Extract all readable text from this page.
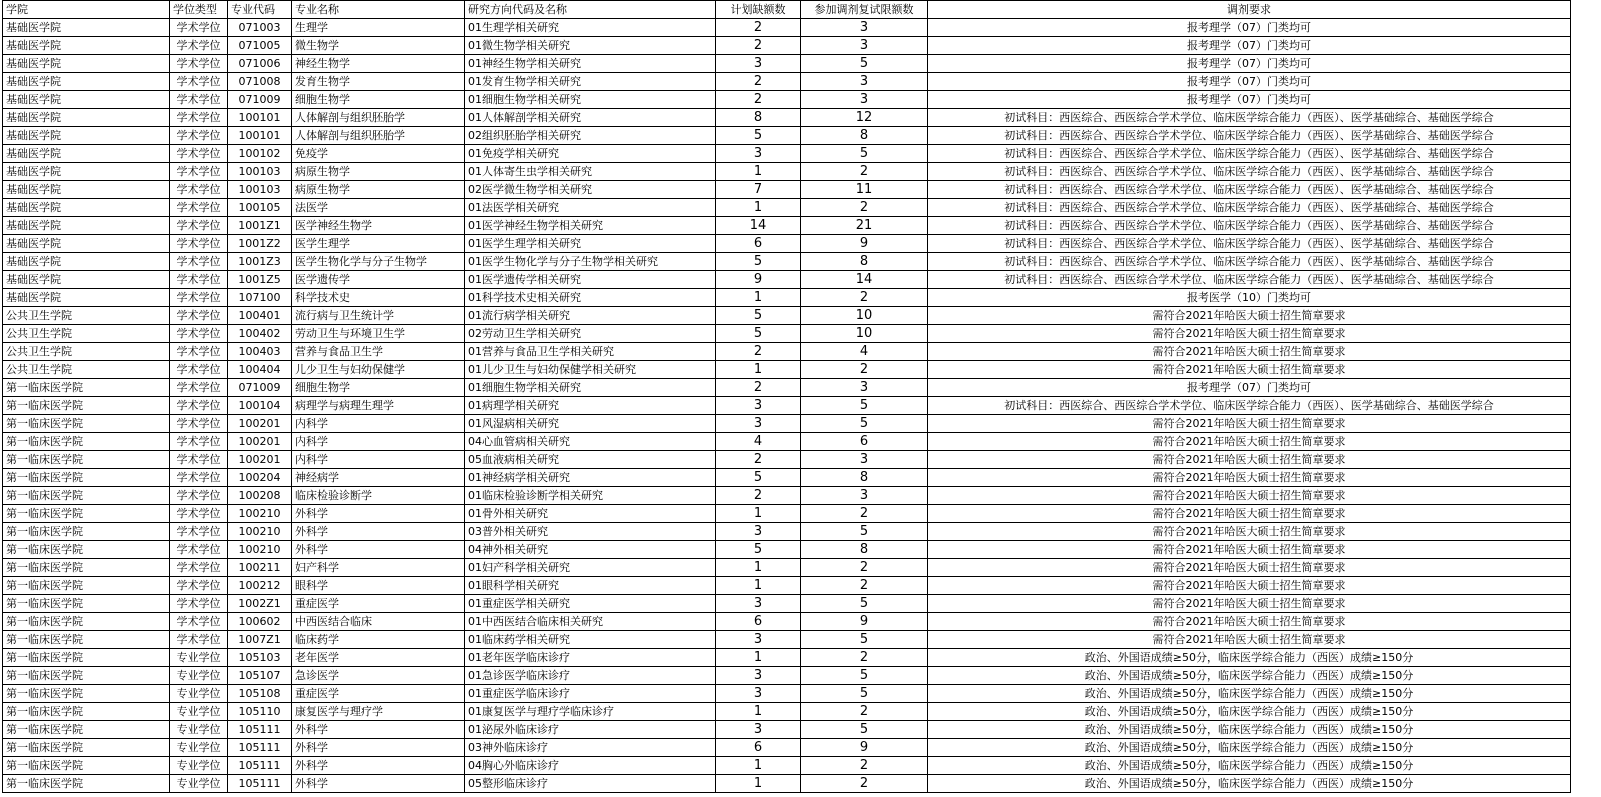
学院	学位类型	专业代码	专业名称	研究方向代码及名称	计划缺额数	参加调剂复试限额数	调剂要求
基础医学院	学术学位	071003	生理学	01生理学相关研究	2	3	报考理学（07）门类均可
基础医学院	学术学位	071005	微生物学	01微生物学相关研究	2	3	报考理学（07）门类均可
基础医学院	学术学位	071006	神经生物学	01神经生物学相关研究	3	5	报考理学（07）门类均可
基础医学院	学术学位	071008	发育生物学	01发育生物学相关研究	2	3	报考理学（07）门类均可
基础医学院	学术学位	071009	细胞生物学	01细胞生物学相关研究	2	3	报考理学（07）门类均可
基础医学院	学术学位	100101	人体解剖与组织胚胎学	01人体解剖学相关研究	8	12	初试科目：西医综合、西医综合学术学位、临床医学综合能力（西医）、医学基础综合、基础医学综合
基础医学院	学术学位	100101	人体解剖与组织胚胎学	02组织胚胎学相关研究	5	8	初试科目：西医综合、西医综合学术学位、临床医学综合能力（西医）、医学基础综合、基础医学综合
基础医学院	学术学位	100102	免疫学	01免疫学相关研究	3	5	初试科目：西医综合、西医综合学术学位、临床医学综合能力（西医）、医学基础综合、基础医学综合
基础医学院	学术学位	100103	病原生物学	01人体寄生虫学相关研究	1	2	初试科目：西医综合、西医综合学术学位、临床医学综合能力（西医）、医学基础综合、基础医学综合
基础医学院	学术学位	100103	病原生物学	02医学微生物学相关研究	7	11	初试科目：西医综合、西医综合学术学位、临床医学综合能力（西医）、医学基础综合、基础医学综合
基础医学院	学术学位	100105	法医学	01法医学相关研究	1	2	初试科目：西医综合、西医综合学术学位、临床医学综合能力（西医）、医学基础综合、基础医学综合
基础医学院	学术学位	1001Z1	医学神经生物学	01医学神经生物学相关研究	14	21	初试科目：西医综合、西医综合学术学位、临床医学综合能力（西医）、医学基础综合、基础医学综合
基础医学院	学术学位	1001Z2	医学生理学	01医学生理学相关研究	6	9	初试科目：西医综合、西医综合学术学位、临床医学综合能力（西医）、医学基础综合、基础医学综合
基础医学院	学术学位	1001Z3	医学生物化学与分子生物学	01医学生物化学与分子生物学相关研究	5	8	初试科目：西医综合、西医综合学术学位、临床医学综合能力（西医）、医学基础综合、基础医学综合
基础医学院	学术学位	1001Z5	医学遗传学	01医学遗传学相关研究	9	14	初试科目：西医综合、西医综合学术学位、临床医学综合能力（西医）、医学基础综合、基础医学综合
基础医学院	学术学位	107100	科学技术史	01科学技术史相关研究	1	2	报考医学（10）门类均可
公共卫生学院	学术学位	100401	流行病与卫生统计学	01流行病学相关研究	5	10	需符合2021年哈医大硕士招生简章要求
公共卫生学院	学术学位	100402	劳动卫生与环境卫生学	02劳动卫生学相关研究	5	10	需符合2021年哈医大硕士招生简章要求
公共卫生学院	学术学位	100403	营养与食品卫生学	01营养与食品卫生学相关研究	2	4	需符合2021年哈医大硕士招生简章要求
公共卫生学院	学术学位	100404	儿少卫生与妇幼保健学	01儿少卫生与妇幼保健学相关研究	1	2	需符合2021年哈医大硕士招生简章要求
第一临床医学院	学术学位	071009	细胞生物学	01细胞生物学相关研究	2	3	报考理学（07）门类均可
第一临床医学院	学术学位	100104	病理学与病理生理学	01病理学相关研究	3	5	初试科目：西医综合、西医综合学术学位、临床医学综合能力（西医）、医学基础综合、基础医学综合
第一临床医学院	学术学位	100201	内科学	01风湿病相关研究	3	5	需符合2021年哈医大硕士招生简章要求
第一临床医学院	学术学位	100201	内科学	04心血管病相关研究	4	6	需符合2021年哈医大硕士招生简章要求
第一临床医学院	学术学位	100201	内科学	05血液病相关研究	2	3	需符合2021年哈医大硕士招生简章要求
第一临床医学院	学术学位	100204	神经病学	01神经病学相关研究	5	8	需符合2021年哈医大硕士招生简章要求
第一临床医学院	学术学位	100208	临床检验诊断学	01临床检验诊断学相关研究	2	3	需符合2021年哈医大硕士招生简章要求
第一临床医学院	学术学位	100210	外科学	01骨外相关研究	1	2	需符合2021年哈医大硕士招生简章要求
第一临床医学院	学术学位	100210	外科学	03普外相关研究	3	5	需符合2021年哈医大硕士招生简章要求
第一临床医学院	学术学位	100210	外科学	04神外相关研究	5	8	需符合2021年哈医大硕士招生简章要求
第一临床医学院	学术学位	100211	妇产科学	01妇产科学相关研究	1	2	需符合2021年哈医大硕士招生简章要求
第一临床医学院	学术学位	100212	眼科学	01眼科学相关研究	1	2	需符合2021年哈医大硕士招生简章要求
第一临床医学院	学术学位	1002Z1	重症医学	01重症医学相关研究	3	5	需符合2021年哈医大硕士招生简章要求
第一临床医学院	学术学位	100602	中西医结合临床	01中西医结合临床相关研究	6	9	需符合2021年哈医大硕士招生简章要求
第一临床医学院	学术学位	1007Z1	临床药学	01临床药学相关研究	3	5	需符合2021年哈医大硕士招生简章要求
第一临床医学院	专业学位	105103	老年医学	01老年医学临床诊疗	1	2	政治、外国语成绩≥50分，临床医学综合能力（西医）成绩≥150分
第一临床医学院	专业学位	105107	急诊医学	01急诊医学临床诊疗	3	5	政治、外国语成绩≥50分，临床医学综合能力（西医）成绩≥150分
第一临床医学院	专业学位	105108	重症医学	01重症医学临床诊疗	3	5	政治、外国语成绩≥50分，临床医学综合能力（西医）成绩≥150分
第一临床医学院	专业学位	105110	康复医学与理疗学	01康复医学与理疗学临床诊疗	1	2	政治、外国语成绩≥50分，临床医学综合能力（西医）成绩≥150分
第一临床医学院	专业学位	105111	外科学	01泌尿外临床诊疗	3	5	政治、外国语成绩≥50分，临床医学综合能力（西医）成绩≥150分
第一临床医学院	专业学位	105111	外科学	03神外临床诊疗	6	9	政治、外国语成绩≥50分，临床医学综合能力（西医）成绩≥150分
第一临床医学院	专业学位	105111	外科学	04胸心外临床诊疗	1	2	政治、外国语成绩≥50分，临床医学综合能力（西医）成绩≥150分
第一临床医学院	专业学位	105111	外科学	05整形临床诊疗	1	2	政治、外国语成绩≥50分，临床医学综合能力（西医）成绩≥150分
